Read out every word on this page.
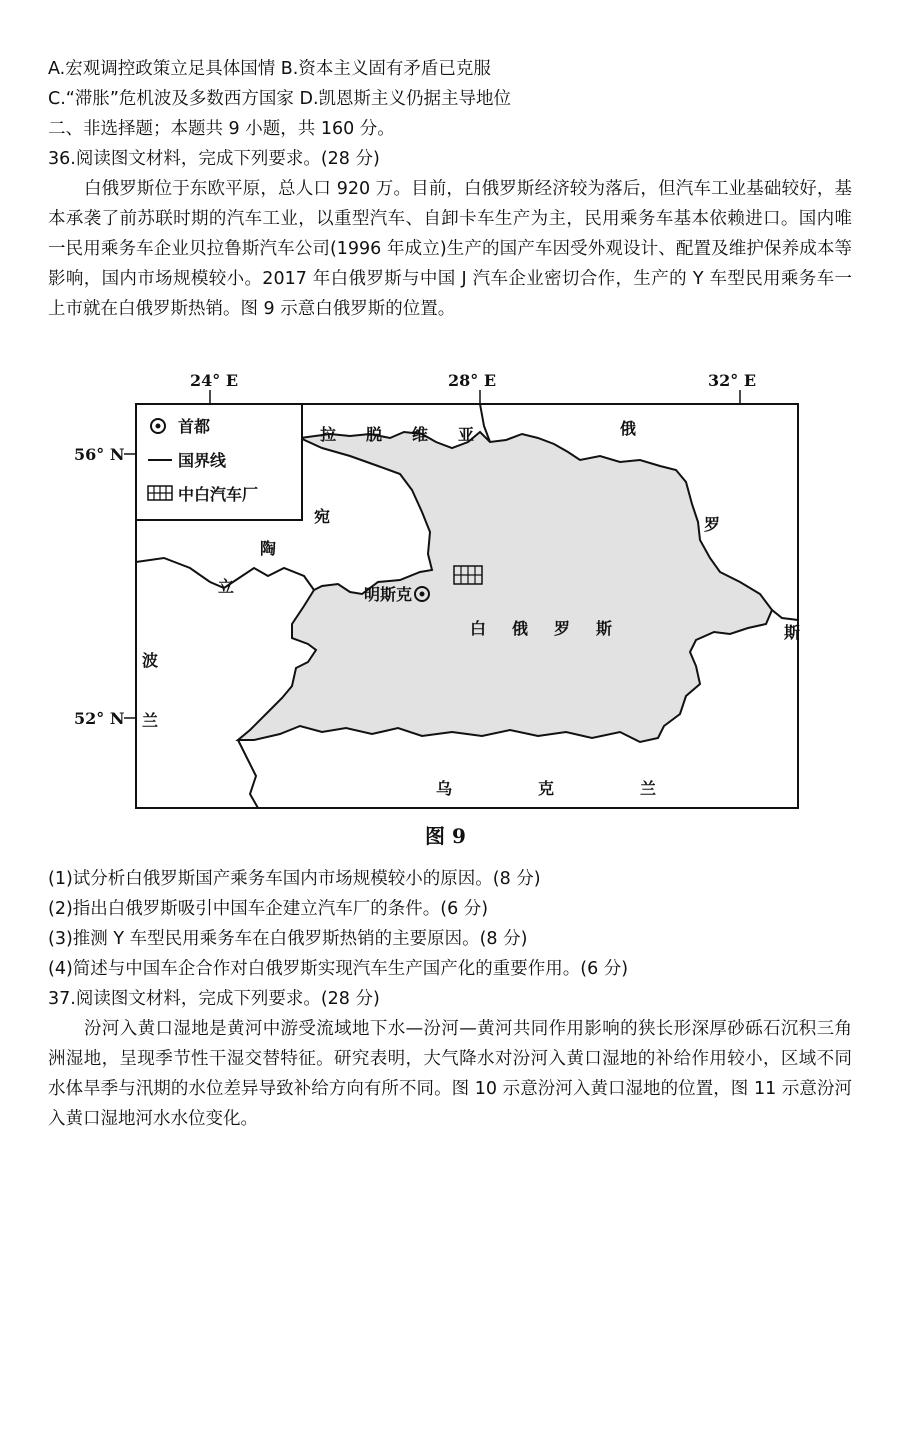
A.宏观调控政策立足具体国情 B.资本主义固有矛盾已克服
C.“滞胀”危机波及多数西方国家 D.凯恩斯主义仍据主导地位
二、非选择题；本题共 9 小题，共 160 分。
36.阅读图文材料，完成下列要求。(28 分)
白俄罗斯位于东欧平原，总人口 920 万。目前，白俄罗斯经济较为落后，但汽车工业基础较好，基本承袭了前苏联时期的汽车工业，以重型汽车、自卸卡车生产为主，民用乘务车基本依赖进口。国内唯一民用乘务车企业贝拉鲁斯汽车公司(1996 年成立)生产的国产车因受外观设计、配置及维护保养成本等影响，国内市场规模较小。2017 年白俄罗斯与中国 J 汽车企业密切合作，生产的 Y 车型民用乘务车一上市就在白俄罗斯热销。图 9 示意白俄罗斯的位置。
24° E	28° E	32° E
56° N
52° N
首都
国界线
中白汽车厂
拉 脱 维 亚
立
陶
宛
俄
罗
斯
波
兰
乌	克	兰
白 俄 罗 斯
明斯克
图 9
(1)试分析白俄罗斯国产乘务车国内市场规模较小的原因。(8 分)
(2)指出白俄罗斯吸引中国车企建立汽车厂的条件。(6 分)
(3)推测 Y 车型民用乘务车在白俄罗斯热销的主要原因。(8 分)
(4)简述与中国车企合作对白俄罗斯实现汽车生产国产化的重要作用。(6 分)
37.阅读图文材料，完成下列要求。(28 分)
汾河入黄口湿地是黄河中游受流域地下水—汾河—黄河共同作用影响的狭长形深厚砂砾石沉积三角洲湿地，呈现季节性干湿交替特征。研究表明，大气降水对汾河入黄口湿地的补给作用较小，区域不同水体旱季与汛期的水位差异导致补给方向有所不同。图 10 示意汾河入黄口湿地的位置，图 11 示意汾河入黄口湿地河水水位变化。
